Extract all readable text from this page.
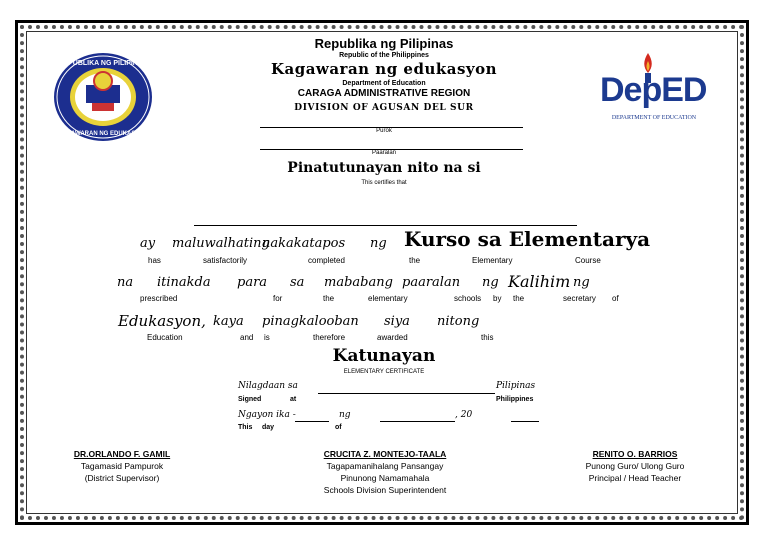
REPUBLIKA NG PILIPINAS
KAGAWARAN NG EDUKASYON
DepED
DEPARTMENT OF EDUCATION
Republika ng Pilipinas
Republic of the Philippines
Kagawaran ng edukasyon
Department of Education
CARAGA ADMINISTRATIVE REGION
DIVISION OF AGUSAN DEL SUR
Purok
Paaralan
Pinatutunayan nito na si
This certifies that
ay maluwalhating
nakakatapos ng Kurso sa Elementarya
has	satisfactorily	completed	the	Elementary	Course
na itinakda para sa mababang paaralan ng Kalihim ng
prescribed	for	the	elementary	schools by the	secretary of
Edukasyon, kaya pinagkalooban siya nitong
Education	and is	therefore	awarded	this
Katunayan
ELEMENTARY CERTIFICATE
Nilagdaan sa	Pilipinas
Signed	at	Philippines
Ngayon ika -	ng	, 20
This day	of
DR.ORLANDO F. GAMIL
Tagamasid Pampurok
(District Supervisor)
CRUCITA Z. MONTEJO-TAALA
Tagapamanihalang Pansangay
Pinunong Namamahala
Schools Division Superintendent
RENITO O. BARRIOS
Punong Guro/ Ulong Guro
Principal / Head Teacher
